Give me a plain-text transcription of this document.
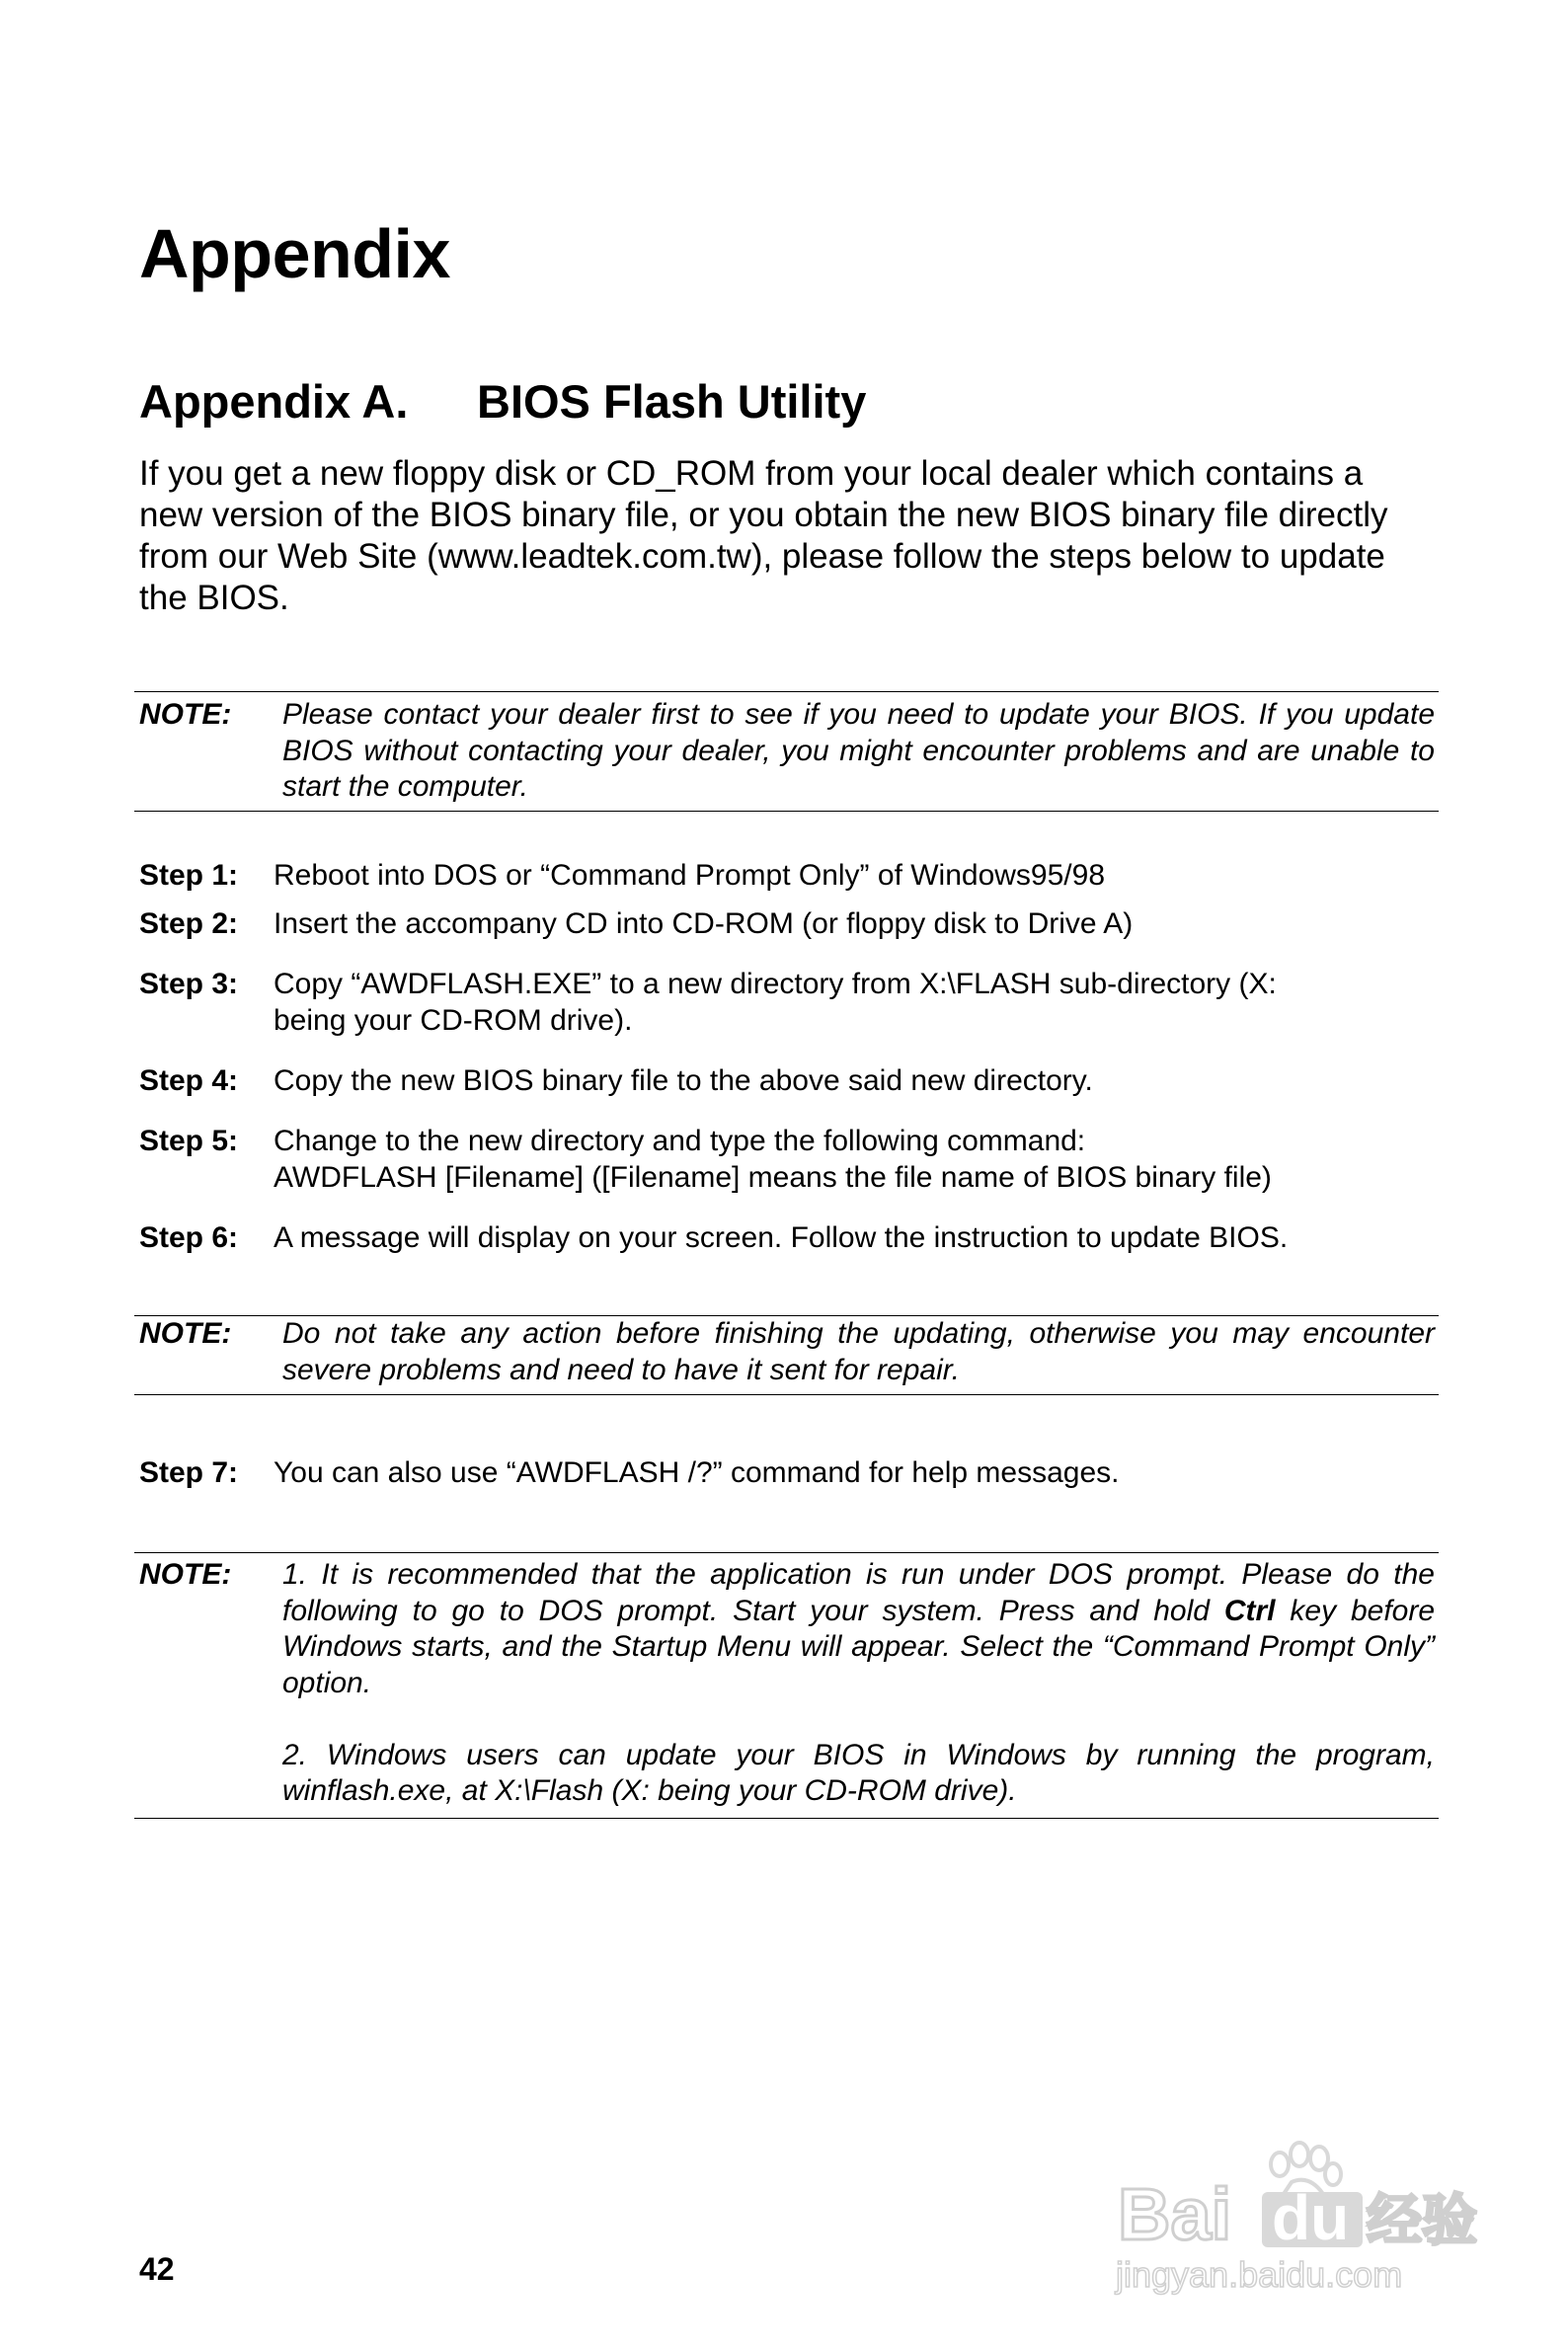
Appendix
Appendix A. BIOS Flash Utility

If you get a new floppy disk or CD_ROM from your local dealer which contains a new version of the BIOS binary file, or you obtain the new BIOS binary file directly from our Web Site (www.leadtek.com.tw), please follow the steps below to update the BIOS.

NOTE: Please contact your dealer first to see if you need to update your BIOS. If you update BIOS without contacting your dealer, you might encounter problems and are unable to start the computer.

Step 1: Reboot into DOS or “Command Prompt Only” of Windows95/98
Step 2: Insert the accompany CD into CD-ROM (or floppy disk to Drive A)
Step 3: Copy “AWDFLASH.EXE” to a new directory from X:\FLASH sub-directory (X:
being your CD-ROM drive).
Step 4: Copy the new BIOS binary file to the above said new directory.
Step 5: Change to the new directory and type the following command:
AWDFLASH [Filename] ([Filename] means the file name of BIOS binary file)
Step 6: A message will display on your screen. Follow the instruction to update BIOS.
NOTE: Do not take any action before finishing the updating, otherwise you may encounter severe problems and need to have it sent for repair.

Step 7: You can also use “AWDFLASH /?” command for help messages.
NOTE: 1. It is recommended that the application is run under DOS prompt. Please do the following to go to DOS prompt. Start your system. Press and hold Ctrl key before Windows starts, and the Startup Menu will appear. Select the “Command Prompt Only” option.

2. Windows users can update your BIOS in Windows by running the program, winflash.exe, at X:\Flash (X: being your CD-ROM drive).

42
Bai du 经验
jingyan.baidu.com
